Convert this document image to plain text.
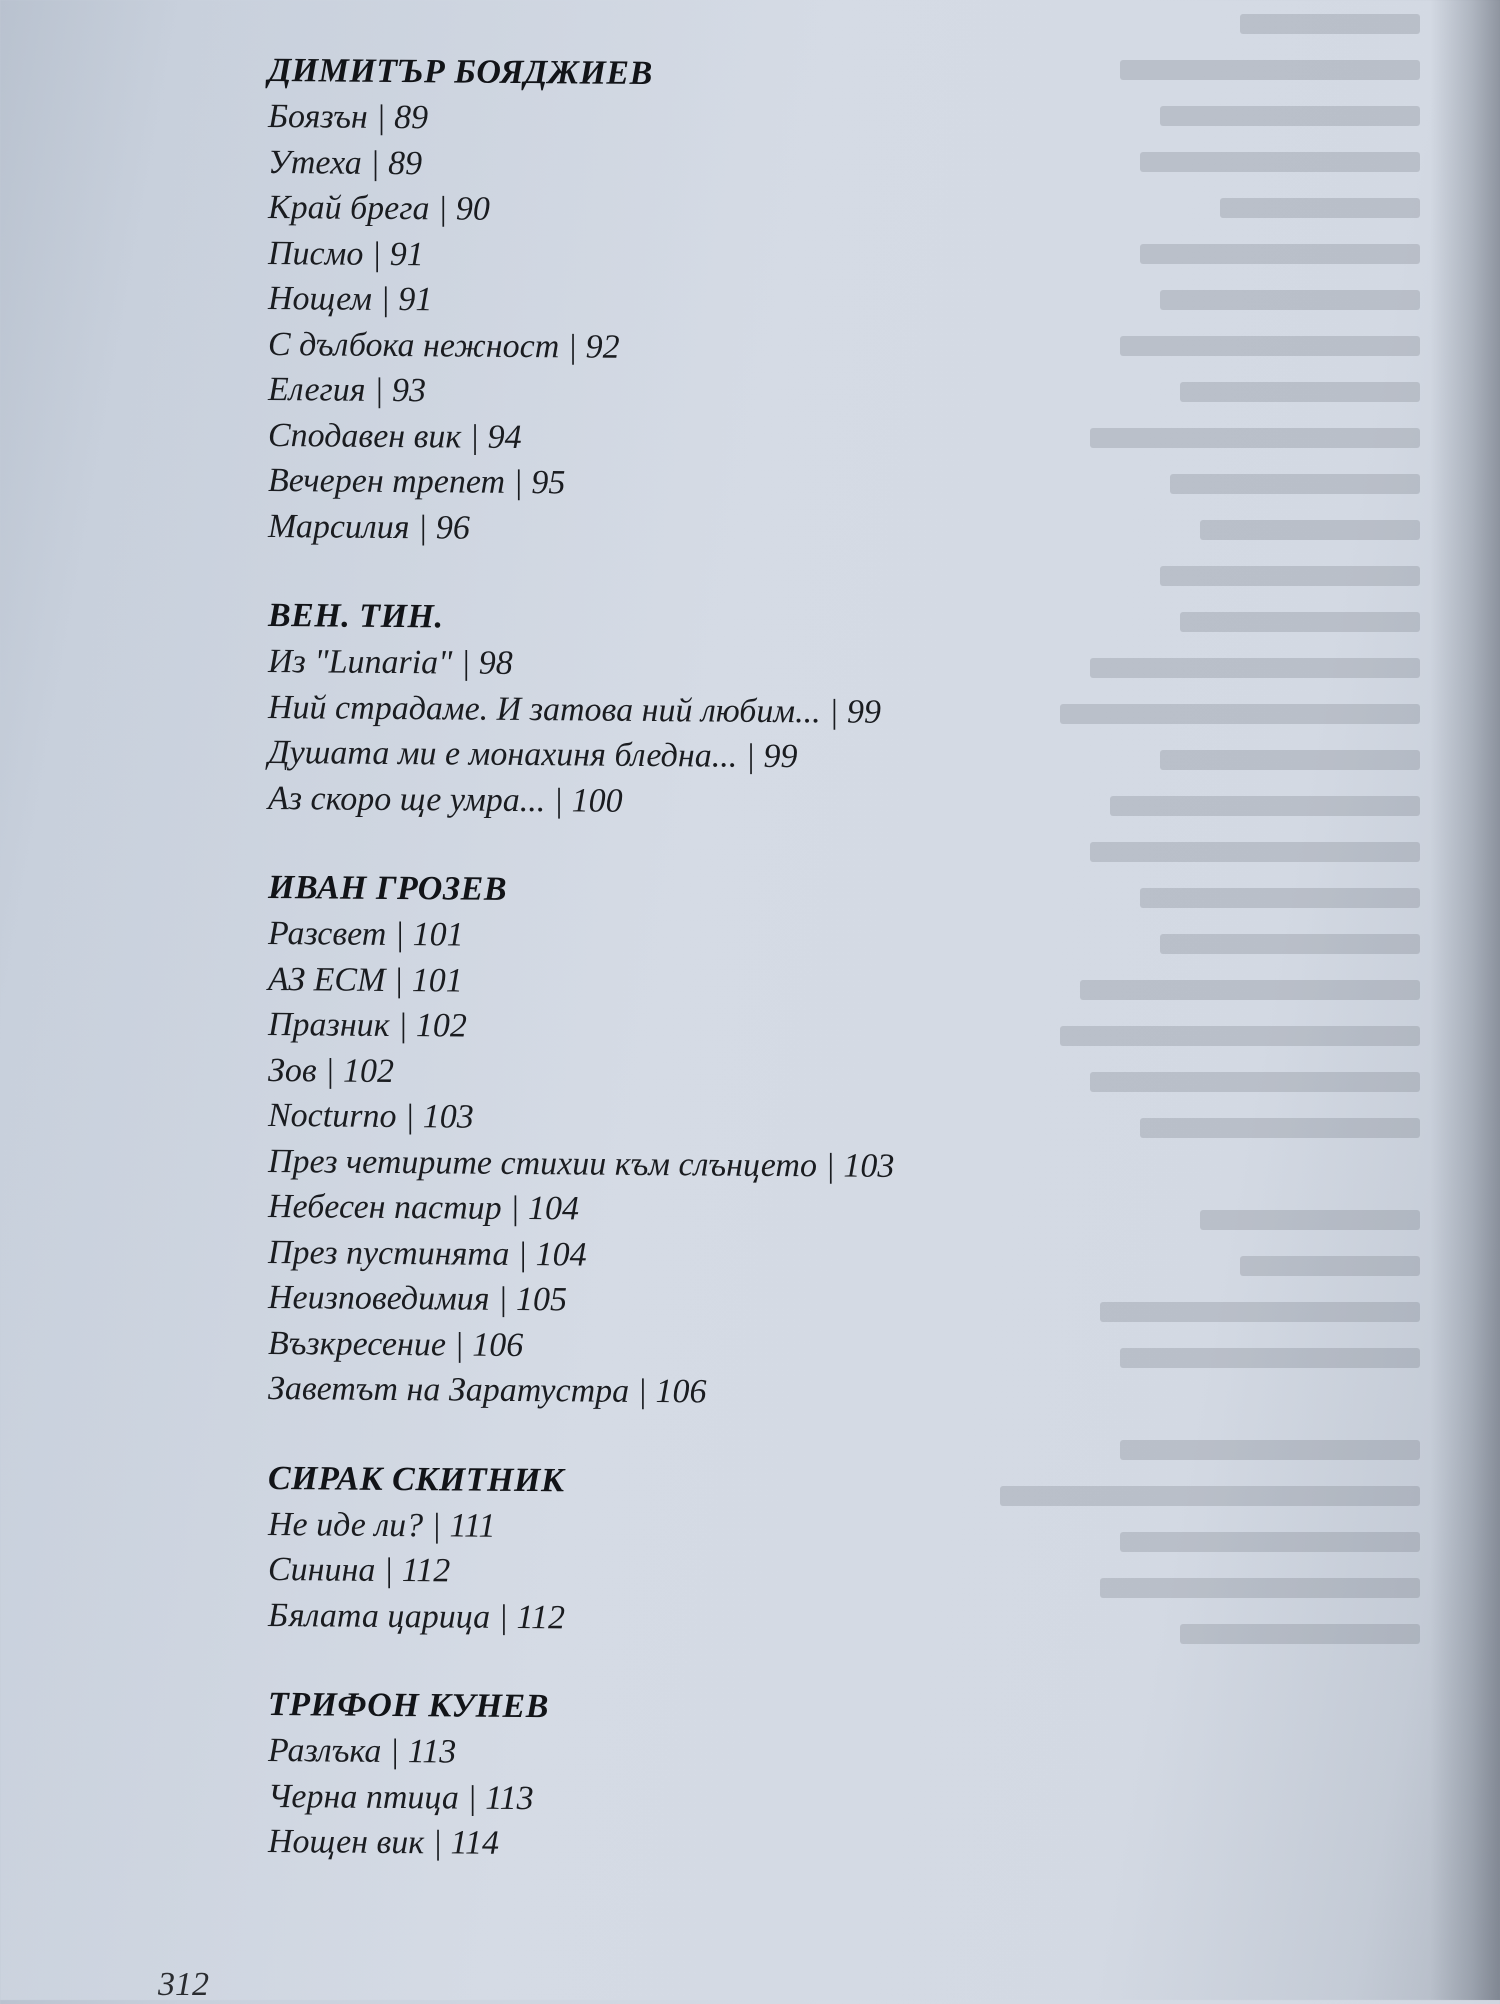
ДИМИТЪР БОЯДЖИЕВ
Боязън | 89
Утеха | 89
Край брега | 90
Писмо | 91
Нощем | 91
С дълбока нежност | 92
Елегия | 93
Сподавен вик | 94
Вечерен трепет | 95
Марсилия | 96
ВЕН. ТИН.
Из "Lunaria" | 98
Ний страдаме. И затова ний любим... | 99
Душата ми е монахиня бледна... | 99
Аз скоро ще умра... | 100
ИВАН ГРОЗЕВ
Разсвет | 101
АЗ ЕСМ | 101
Празник | 102
Зов | 102
Nocturno | 103
През четирите стихии към слънцето | 103
Небесен пастир | 104
През пустинята | 104
Неизповедимия | 105
Възкресение | 106
Заветът на Заратустра | 106
СИРАК СКИТНИК
Не иде ли? | 111
Синина | 112
Бялата царица | 112
ТРИФОН КУНЕВ
Разлъка | 113
Черна птица | 113
Нощен вик | 114
312
